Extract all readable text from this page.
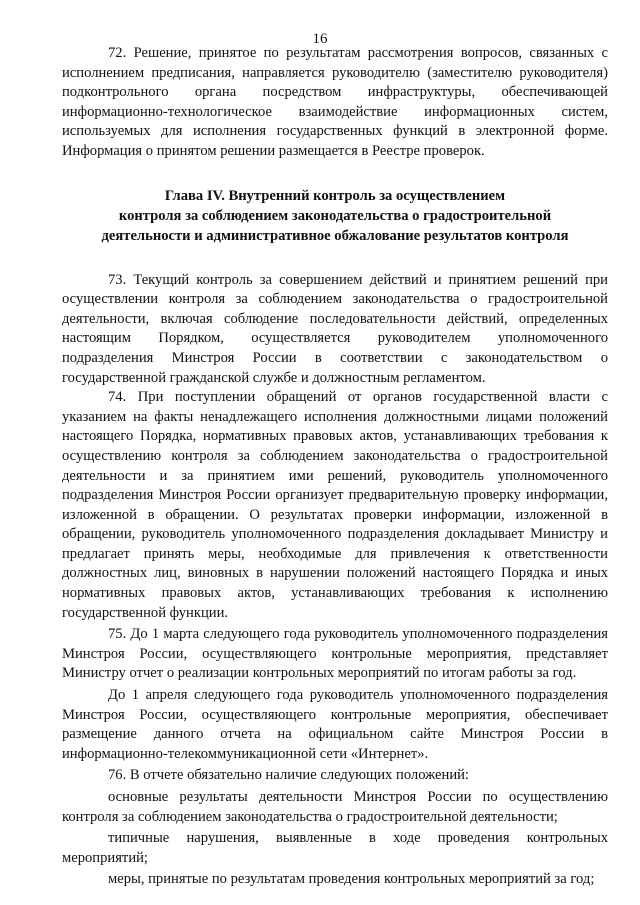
16

72. Решение, принятое по результатам рассмотрения вопросов, связанных с исполнением предписания, направляется руководителю (заместителю руководителя) подконтрольного органа посредством инфраструктуры, обеспечивающей информационно-технологическое взаимодействие информационных систем, используемых для исполнения государственных функций в электронной форме. Информация о принятом решении размещается в Реестре проверок.

Глава IV. Внутренний контроль за осуществлением
контроля за соблюдением законодательства о градостроительной
деятельности и административное обжалование результатов контроля

73. Текущий контроль за совершением действий и принятием решений при осуществлении контроля за соблюдением законодательства о градостроительной деятельности, включая соблюдение последовательности действий, определенных настоящим Порядком, осуществляется руководителем уполномоченного подразделения Минстроя России в соответствии с законодательством о государственной гражданской службе и должностным регламентом.

74. При поступлении обращений от органов государственной власти с указанием на факты ненадлежащего исполнения должностными лицами положений настоящего Порядка, нормативных правовых актов, устанавливающих требования к осуществлению контроля за соблюдением законодательства о градостроительной деятельности и за принятием ими решений, руководитель уполномоченного подразделения Минстроя России организует предварительную проверку информации, изложенной в обращении. О результатах проверки информации, изложенной в обращении, руководитель уполномоченного подразделения докладывает Министру и предлагает принять меры, необходимые для привлечения к ответственности должностных лиц, виновных в нарушении положений настоящего Порядка и иных нормативных правовых актов, устанавливающих требования к исполнению государственной функции.

75. До 1 марта следующего года руководитель уполномоченного подразделения Минстроя России, осуществляющего контрольные мероприятия, представляет Министру отчет о реализации контрольных мероприятий по итогам работы за год.

До 1 апреля следующего года руководитель уполномоченного подразделения Минстроя России, осуществляющего контрольные мероприятия, обеспечивает размещение данного отчета на официальном сайте Минстроя России в информационно-телекоммуникационной сети «Интернет».

76. В отчете обязательно наличие следующих положений:

основные результаты деятельности Минстроя России по осуществлению контроля за соблюдением законодательства о градостроительной деятельности;

типичные нарушения, выявленные в ходе проведения контрольных мероприятий;

меры, принятые по результатам проведения контрольных мероприятий за год;
